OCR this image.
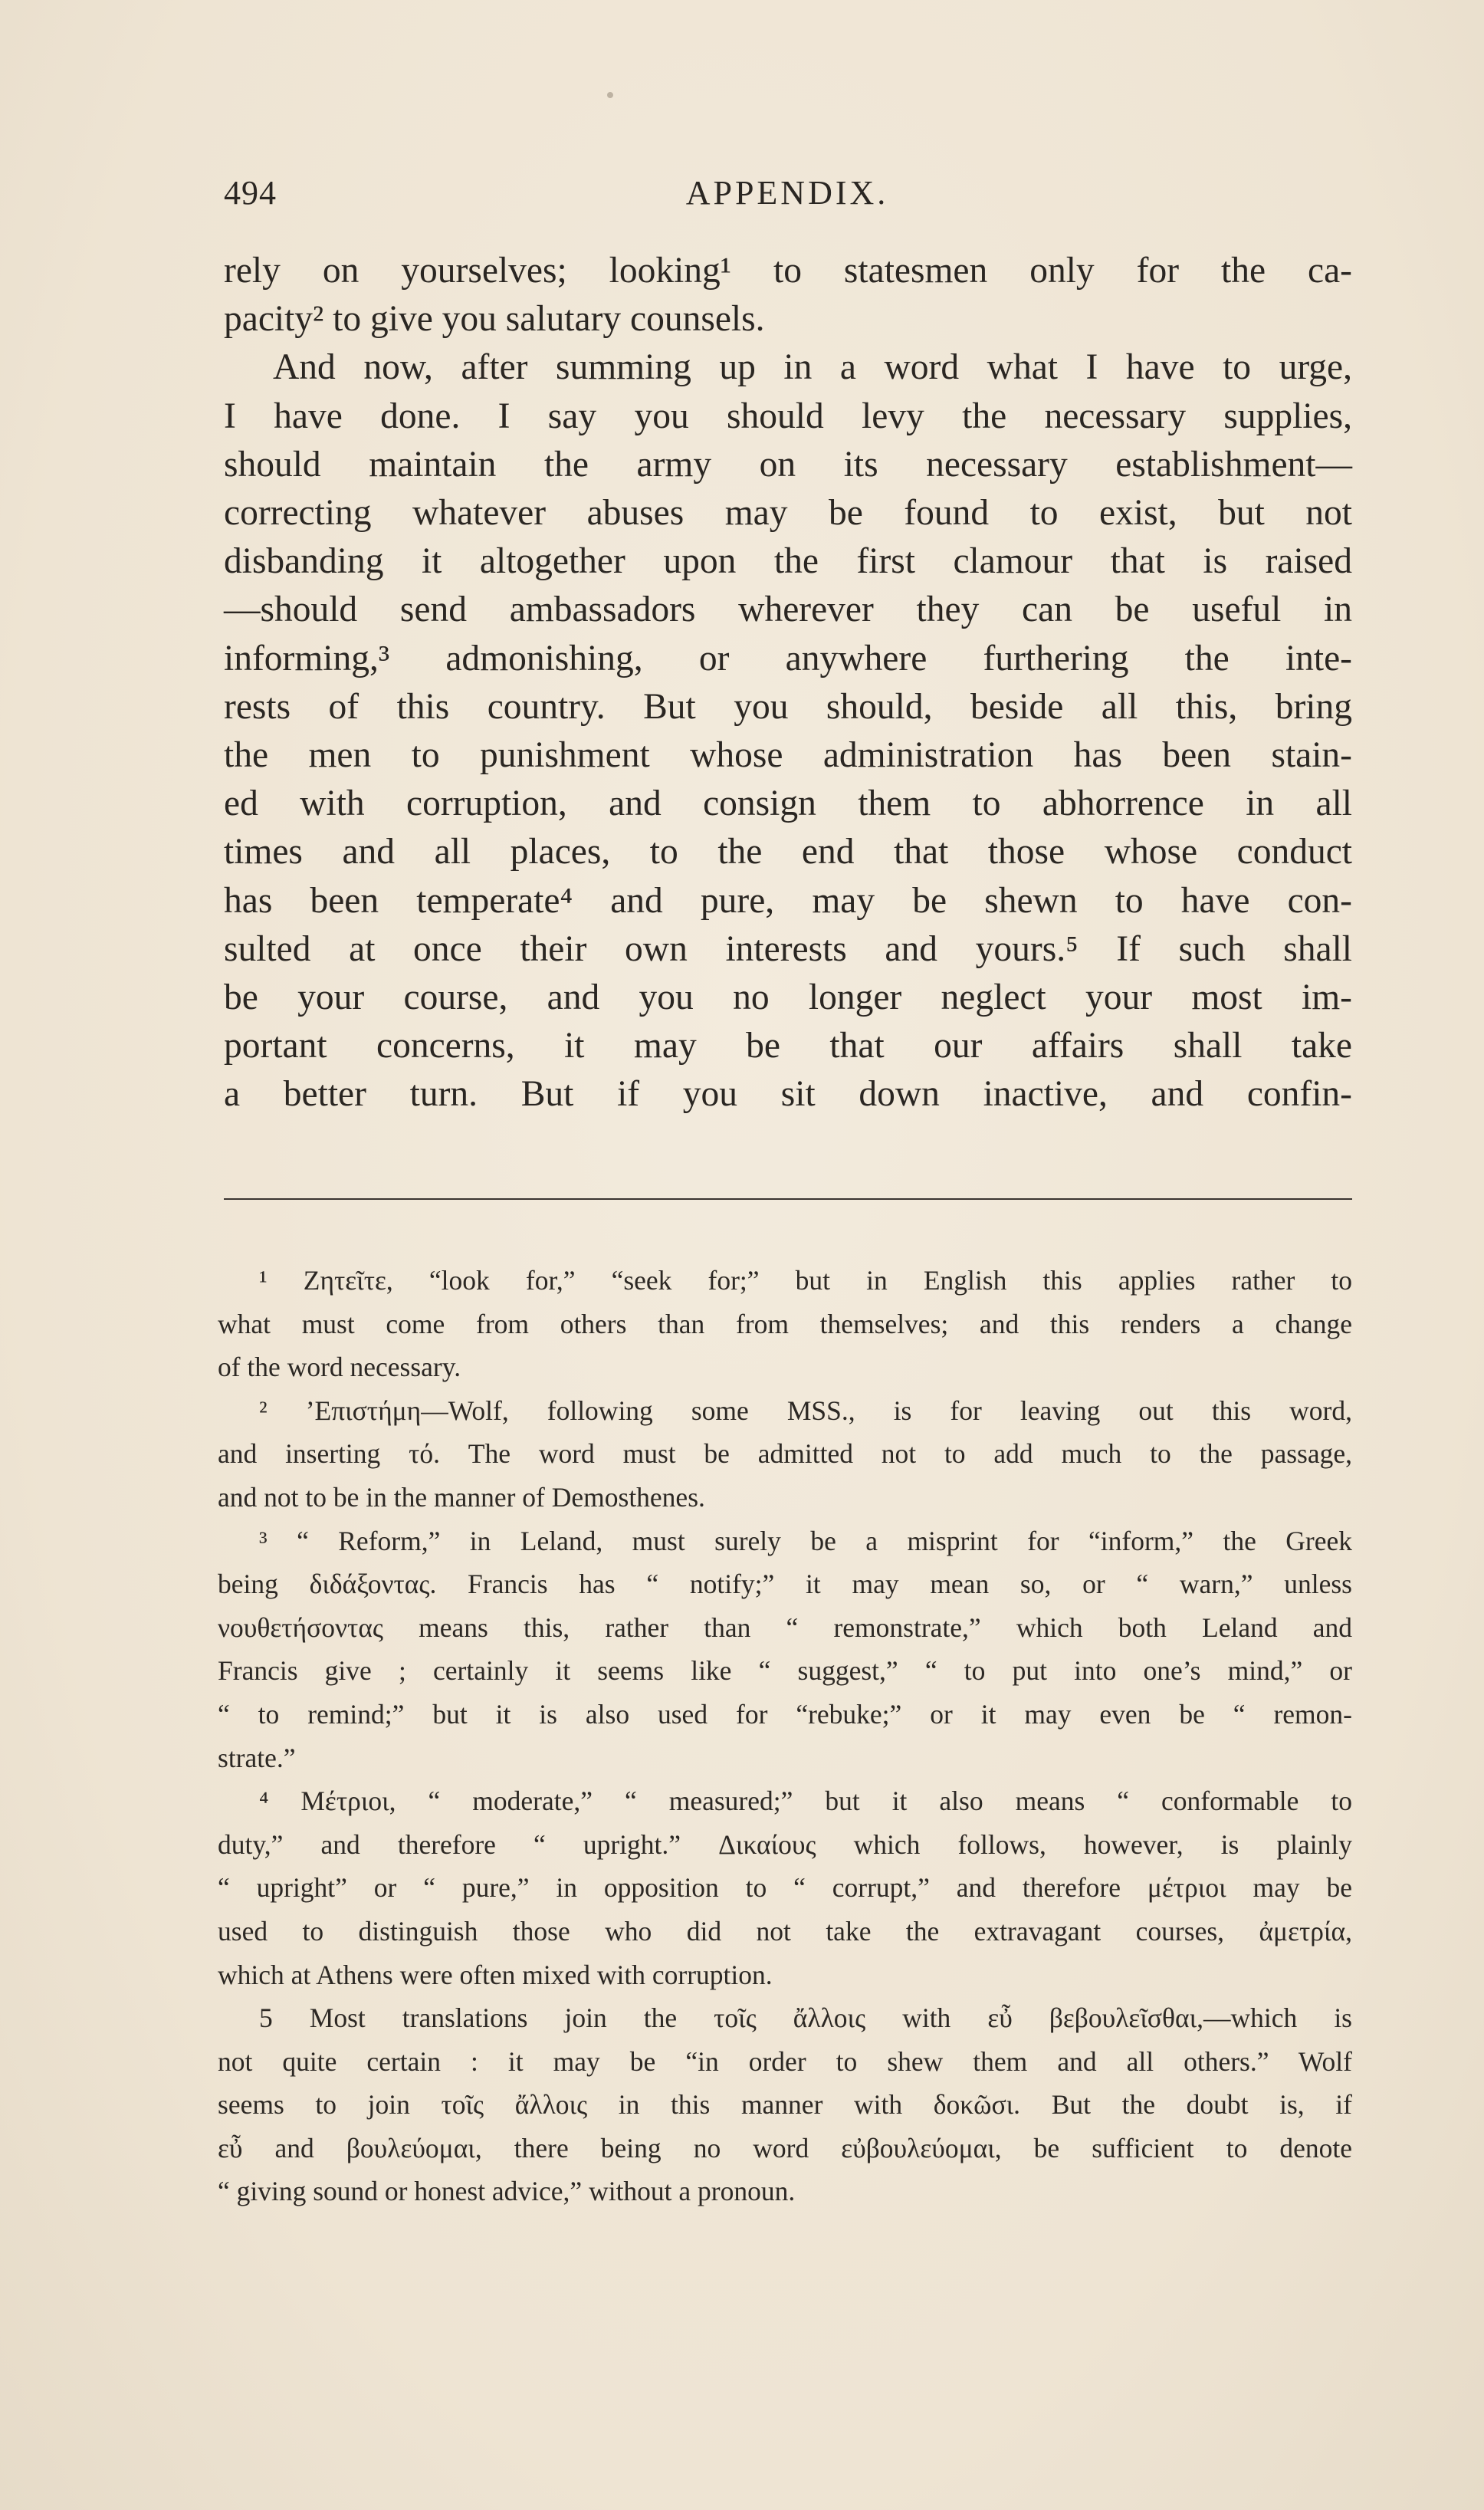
494	APPENDIX.
rely on yourselves; looking¹ to statesmen only for the ca-
pacity² to give you salutary counsels.
And now, after summing up in a word what I have to urge,
I have done. I say you should levy the necessary supplies,
should maintain the army on its necessary establishment—
correcting whatever abuses may be found to exist, but not
disbanding it altogether upon the first clamour that is raised
—should send ambassadors wherever they can be useful in
informing,³ admonishing, or anywhere furthering the inte-
rests of this country. But you should, beside all this, bring
the men to punishment whose administration has been stain-
ed with corruption, and consign them to abhorrence in all
times and all places, to the end that those whose conduct
has been temperate⁴ and pure, may be shewn to have con-
sulted at once their own interests and yours.⁵ If such shall
be your course, and you no longer neglect your most im-
portant concerns, it may be that our affairs shall take
a better turn. But if you sit down inactive, and confin-
¹ Ζητεῖτε, “look for,” “seek for;” but in English this applies rather to
what must come from others than from themselves; and this renders a change
of the word necessary.
² ’Επιστήμη—Wolf, following some MSS., is for leaving out this word,
and inserting τό. The word must be admitted not to add much to the passage,
and not to be in the manner of Demosthenes.
³ “ Reform,” in Leland, must surely be a misprint for “inform,” the Greek
being διδάξοντας. Francis has “ notify;” it may mean so, or “ warn,” unless
νουθετήσοντας means this, rather than “ remonstrate,” which both Leland and
Francis give ; certainly it seems like “ suggest,” “ to put into one’s mind,” or
“ to remind;” but it is also used for “rebuke;” or it may even be “ remon-
strate.”
⁴ Μέτριοι, “ moderate,” “ measured;” but it also means “ conformable to
duty,” and therefore “ upright.” Δικαίους which follows, however, is plainly
“ upright” or “ pure,” in opposition to “ corrupt,” and therefore μέτριοι may be
used to distinguish those who did not take the extravagant courses, ἀμετρία,
which at Athens were often mixed with corruption.
5 Most translations join the τοῖς ἄλλοις with εὖ βεβουλεῖσθαι,—which is
not quite certain : it may be “in order to shew them and all others.” Wolf
seems to join τοῖς ἄλλοις in this manner with δοκῶσι. But the doubt is, if
εὖ and βουλεύομαι, there being no word εὐβουλεύομαι, be sufficient to denote
“ giving sound or honest advice,” without a pronoun.
